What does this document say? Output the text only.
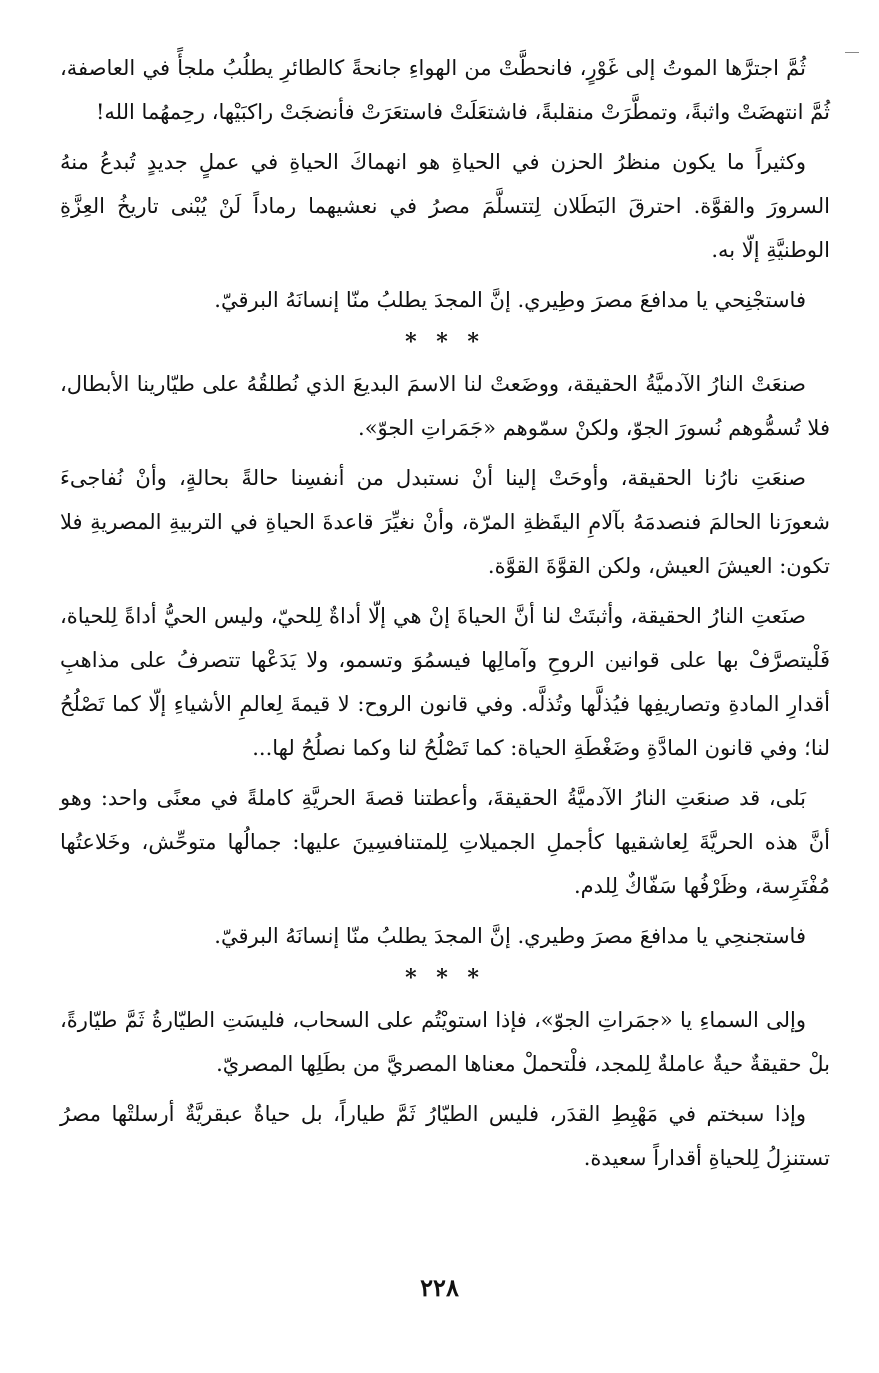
ثُمَّ اجترَّها الموتُ إلى غَوْرٍ، فانحطَّتْ من الهواءِ جانحةً كالطائرِ يطلُبُ ملجأً في العاصفة، ثُمَّ انتهضَتْ واثبةً، وتمطَّرَتْ منقلبةً، فاشتعَلَتْ فاستعَرَتْ فأنضجَتْ راكبَيْها، رحِمهُما الله!

وكثيراً ما يكون منظرُ الحزن في الحياةِ هو انهماكَ الحياةِ في عملٍ جديدٍ تُبدعُ منهُ السرورَ والقوَّة. احترقَ البَطَلان لِتتسلَّمَ مصرُ في نعشيهما رماداً لَنْ يُبْنى تاريخُ العِزَّةِ الوطنيَّةِ إلّا به.

فاستجْنِحي يا مدافعَ مصرَ وطِيري. إنَّ المجدَ يطلبُ منّا إنسانَهُ البرقيّ.

* * *

صنعَتْ النارُ الآدميَّةُ الحقيقة، ووضَعتْ لنا الاسمَ البديعَ الذي نُطلقُهُ على طيّارينا الأبطال، فلا تُسمُّوهم نُسورَ الجوّ، ولكنْ سمّوهم «جَمَراتِ الجوّ».

صنعَتِ نارُنا الحقيقة، وأوحَتْ إلينا أنْ نستبدل من أنفسِنا حالةً بحالةٍ، وأنْ نُفاجىءَ شعورَنا الحالمَ فنصدمَهُ بآلامِ اليقَظةِ المرّة، وأنْ نغيِّرَ قاعدةَ الحياةِ في التربيةِ المصريةِ فلا تكون: العيشَ العيش، ولكن القوَّةَ القوَّة.

صنَعتِ النارُ الحقيقة، وأثبتَتْ لنا أنَّ الحياةَ إنْ هي إلّا أداةٌ لِلحيّ، وليس الحيُّ أداةً لِلحياة، فَلْيتصرَّفْ بها على قوانين الروحِ وآمالِها فيسمُوَ وتسمو، ولا يَدَعْها تتصرفُ على مذاهبِ أقدارِ المادةِ وتصاريفِها فيُذلَّها وتُذلَّه. وفي قانون الروح: لا قيمةَ لِعالمِ الأشياءِ إلّا كما تَصْلُحُ لنا؛ وفي قانون المادَّةِ وضَغْطَةِ الحياة: كما تَصْلُحُ لنا وكما نصلُحُ لها...

بَلى، قد صنعَتِ النارُ الآدميَّةُ الحقيقةَ، وأعطتنا قصةَ الحريَّةِ كاملةً في معنًى واحد: وهو أنَّ هذه الحريَّةَ لِعاشقيها كأجملِ الجميلاتِ لِلمتنافسِينَ عليها: جمالُها متوحِّش، وخَلاعتُها مُفْتَرِسة، وظَرْفُها سَفّاكٌ لِلدم.

فاستجنحِي يا مدافعَ مصرَ وطيري. إنَّ المجدَ يطلبُ منّا إنسانَهُ البرقيّ.

* * *

وإلى السماءِ يا «جمَراتِ الجوّ»، فإذا استويْتُم على السحاب، فليسَتِ الطيّارةُ ثَمَّ طيّارةً، بلْ حقيقةٌ حيةٌ عاملةٌ لِلمجد، فلْتحملْ معناها المصريَّ من بطَلِها المصريّ.

وإذا سبختم في مَهْبِطِ القدَر، فليس الطيّارُ ثَمَّ طياراً، بل حياةٌ عبقريَّةٌ أرسلتْها مصرُ تستنزِلُ لِلحياةِ أقداراً سعيدة.

٢٢٨
